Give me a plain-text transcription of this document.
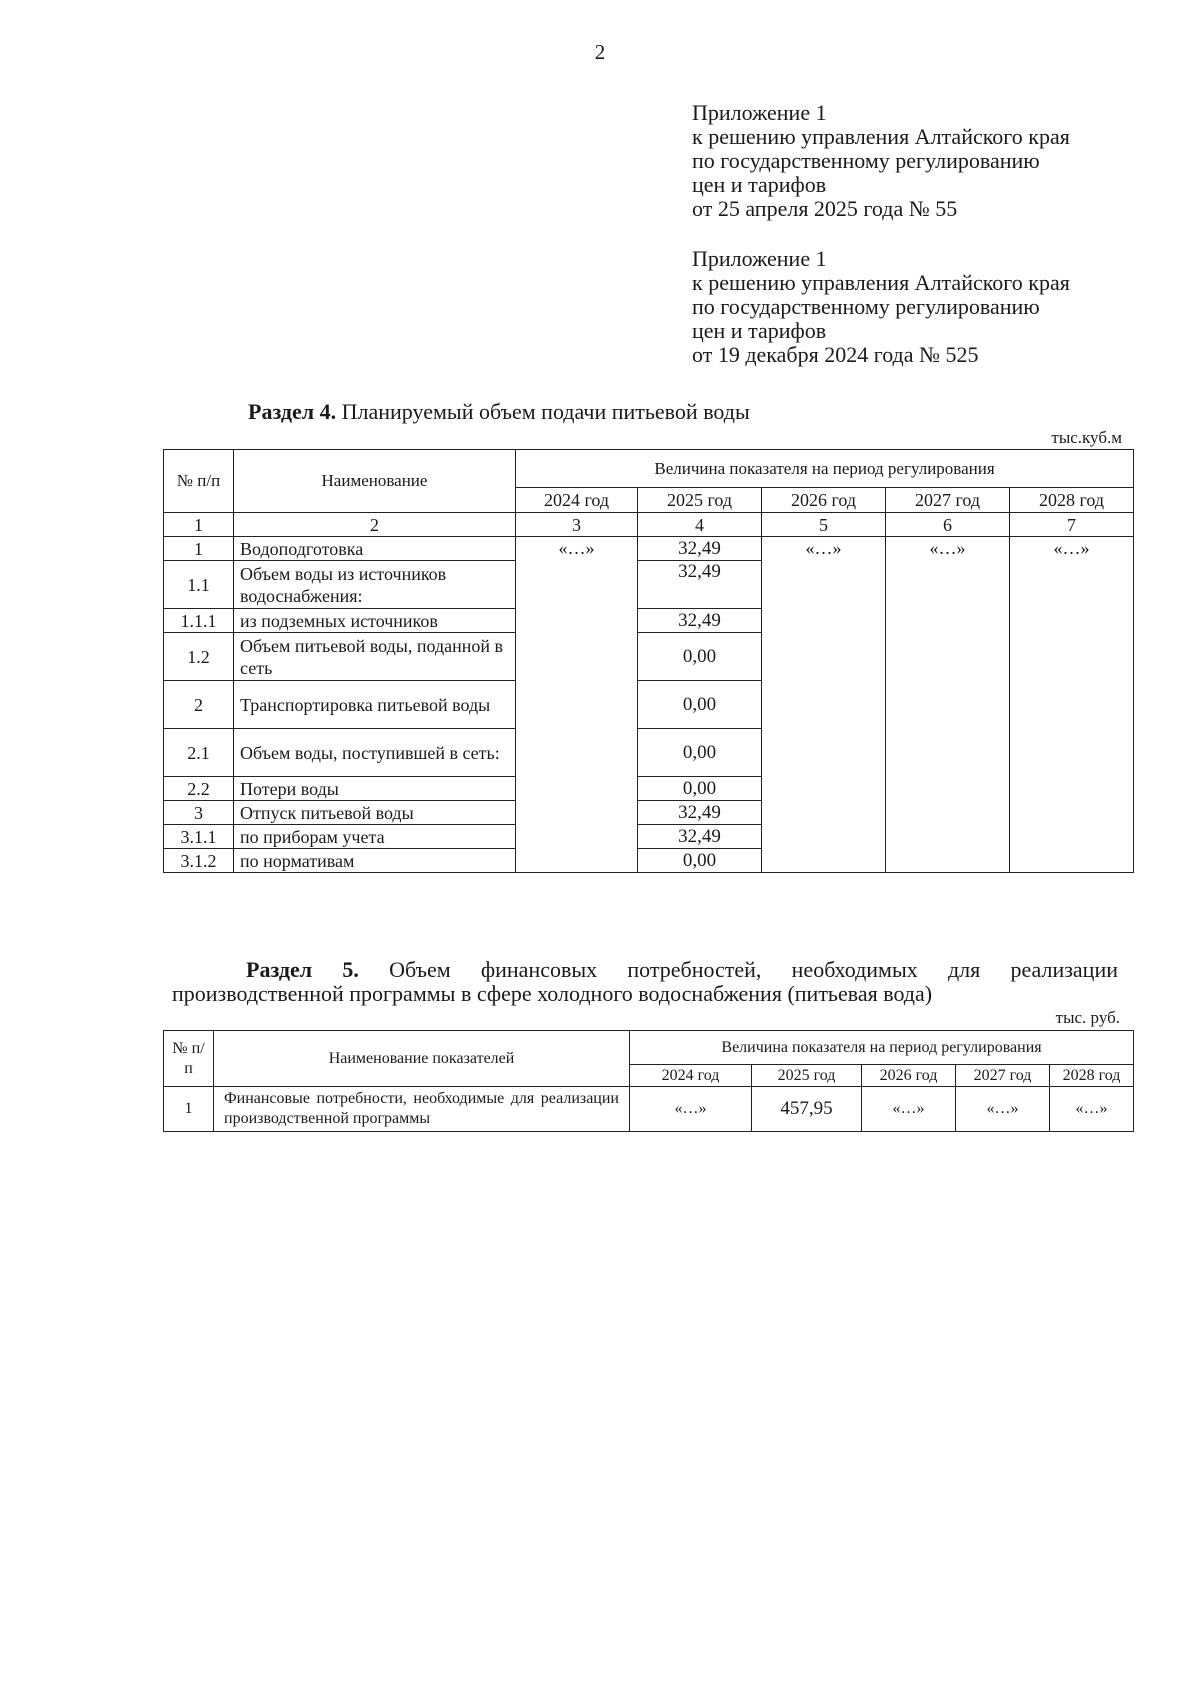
2
Приложение 1
к решению управления Алтайского края
по государственному регулированию
цен и тарифов
от 25 апреля 2025 года № 55
Приложение 1
к решению управления Алтайского края
по государственному регулированию
цен и тарифов
от 19 декабря 2024 года № 525
Раздел 4. Планируемый объем подачи питьевой воды
тыс.куб.м
№ п/п	Наименование	Величина показателя на период регулирования				
		2024 год	2025 год	2026 год	2027 год	2028 год
1	2	3	4	5	6	7
1	Водоподготовка	«…»	32,49	«…»	«…»	«…»
1.1	Объем воды из источников водоснабжения:		32,49			
1.1.1	из подземных источников		32,49			
1.2	Объем питьевой воды, поданной в сеть		0,00			
2	Транспортировка питьевой воды		0,00			
2.1	Объем воды, поступившей в сеть:		0,00			
2.2	Потери воды		0,00			
3	Отпуск питьевой воды		32,49			
3.1.1	по приборам учета		32,49			
3.1.2	по нормативам		0,00			
Раздел 5. Объем финансовых потребностей, необходимых для реализации
производственной программы в сфере холодного водоснабжения (питьевая вода)
тыс. руб.
№ п/п	Наименование показателей	Величина показателя на период регулирования				
		2024 год	2025 год	2026 год	2027 год	2028 год
1	Финансовые потребности, необходимые для реализации производственной программы	«…»	457,95	«…»	«…»	«…»
